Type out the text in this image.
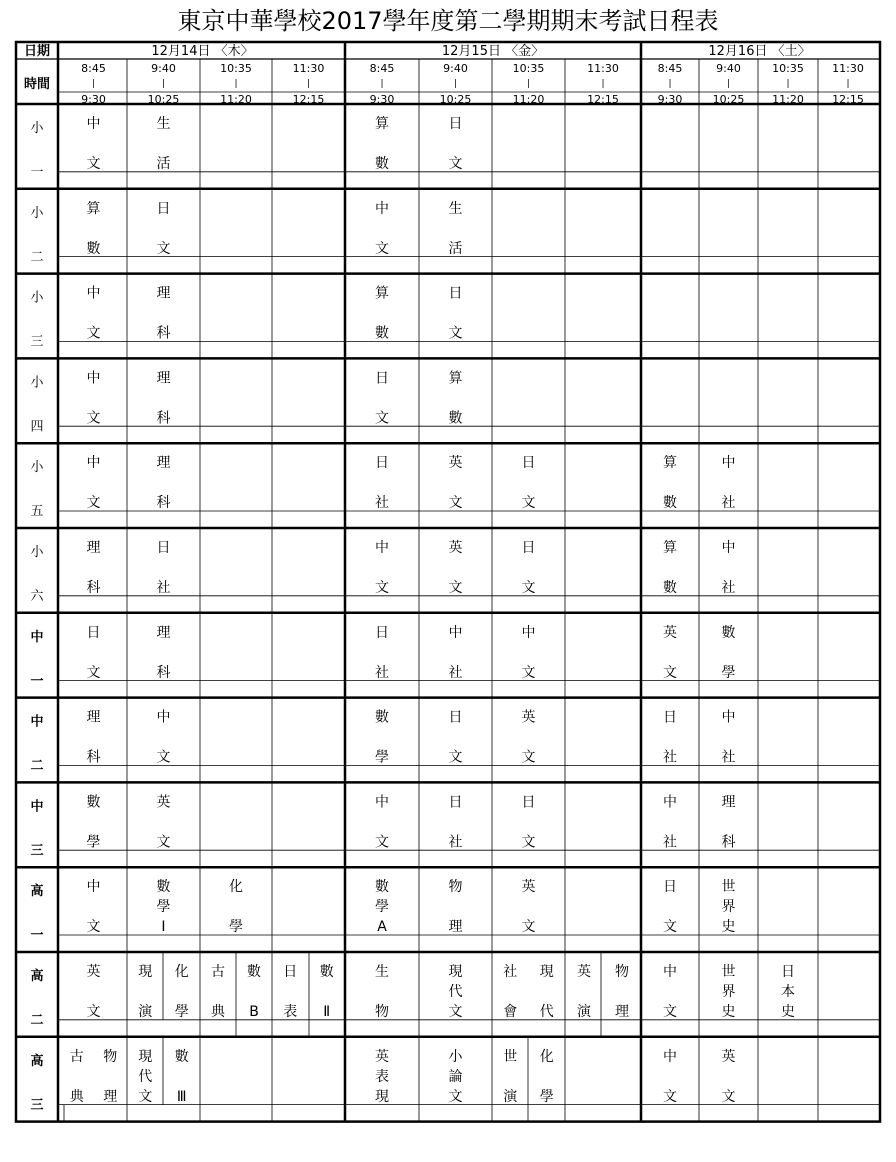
東京中華學校2017學年度第二學期期末考試日程表
日期
時間
12月14日 〈木〉	12月15日 〈金〉	12月16日 〈土〉
8:45
|
9:30
9:40
|
10:25
10:35
|
11:20
11:30
|
12:15
8:45
|
9:30
9:40
|
10:25
10:35
|
11:20
11:30
|
12:15
8:45
|
9:30
9:40
|
10:25
10:35
|
11:20
11:30
|
12:15
小
一
中
文
生
活
算
數
日
文
小
二
算
數
日
文
中
文
生
活
小
三
中
文
理
科
算
數
日
文
小
四
中
文
理
科
日
文
算
數
小
五
中
文
理
科
日
社
英
文
日
文
算
數
中
社
小
六
理
科
日
社
中
文
英
文
日
文
算
數
中
社
中
一
日
文
理
科
日
社
中
社
中
文
英
文
數
學
中
二
理
科
中
文
數
學
日
文
英
文
日
社
中
社
中
三
數
學
英
文
中
文
日
社
日
文
中
社
理
科
高
一
中
文
數
學
I
化
學
數
學
A
物
理
英
文
日
文
世
界
史
高
二
英
文
現
演
化
學
古
典
數
B
日
表
數
Ⅱ
生
物
現
代
文
社
會
現
代
英
演
物
理
中
文
世
界
史
日
本
史
高
三
古
典
物
理
現
代
文
數
Ⅲ
英
表
現
小
論
文
世
演
化
學
中
文
英
文
